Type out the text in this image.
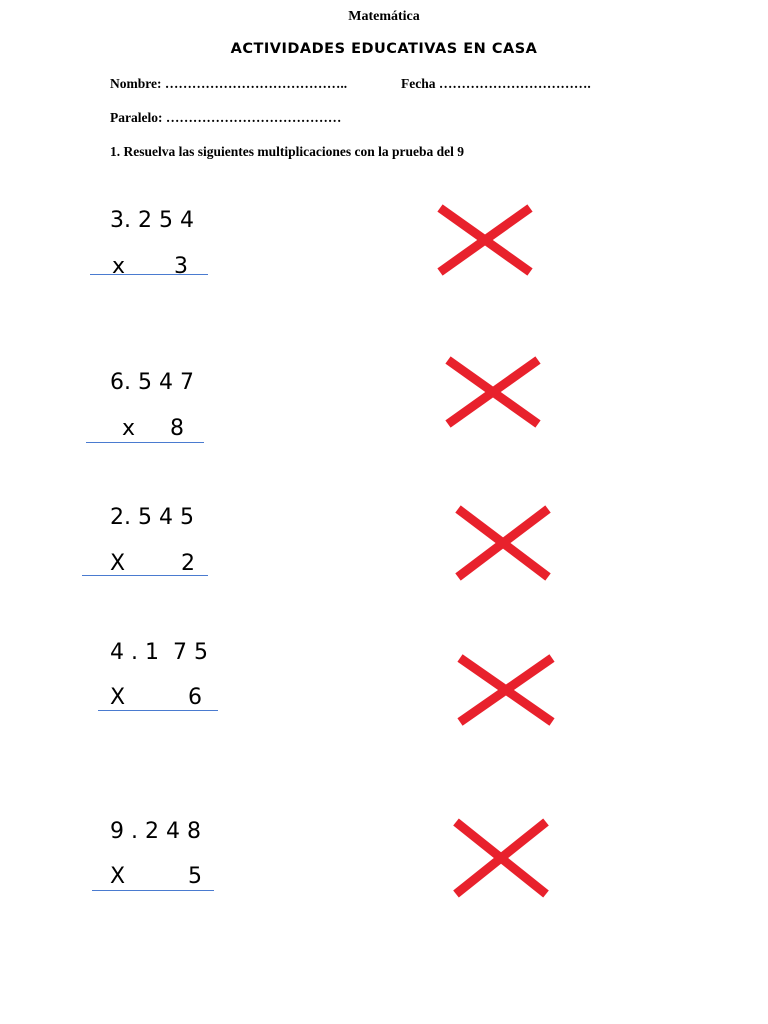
Matemática
ACTIVIDADES EDUCATIVAS EN CASA
Nombre: …………………………………..	Fecha …………………………….
Paralelo: …………………………………
1. Resuelva las siguientes multiplicaciones con la prueba del 9
3. 2 5 4
x       3
6. 5 4 7
x     8
2. 5 4 5
X        2
4 . 1  7 5
X         6
9 . 2 4 8
X         5
